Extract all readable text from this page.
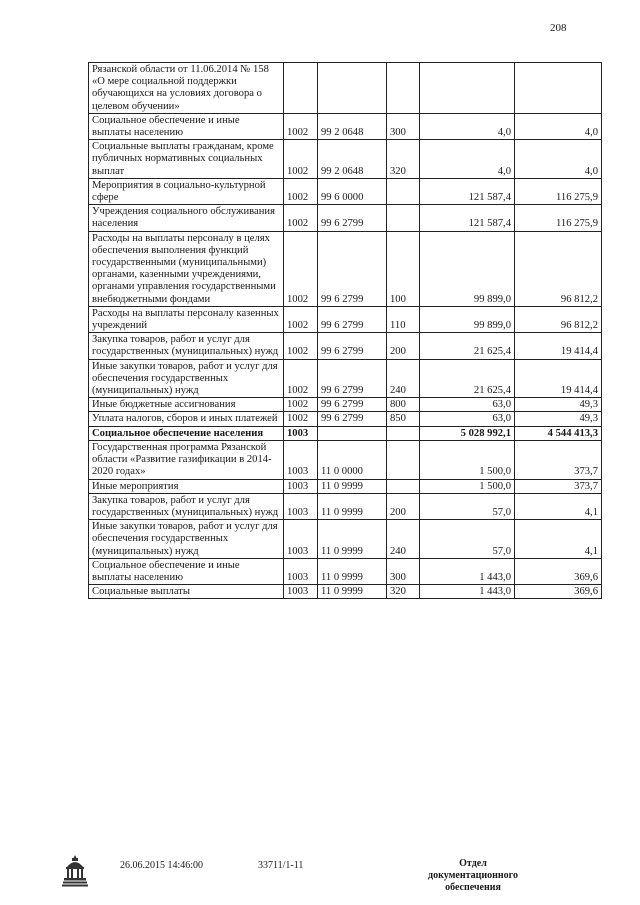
208
Рязанской области от 11.06.2014 № 158 «О мере социальной поддержки обучающихся на условиях договора о целевом обучении»					
Социальное обеспечение и иные выплаты населению	1002	99 2 0648	300	4,0	4,0
Социальные выплаты гражданам, кроме публичных нормативных социальных выплат	1002	99 2 0648	320	4,0	4,0
Мероприятия в социально-культурной сфере	1002	99 6 0000		121 587,4	116 275,9
Учреждения социального обслуживания населения	1002	99 6 2799		121 587,4	116 275,9
Расходы на выплаты персоналу в целях обеспечения выполнения функций государственными (муниципальными) органами, казенными учреждениями, органами управления государственными внебюджетными фондами	1002	99 6 2799	100	99 899,0	96 812,2
Расходы на выплаты персоналу казенных учреждений	1002	99 6 2799	110	99 899,0	96 812,2
Закупка товаров, работ и услуг для государственных (муниципальных) нужд	1002	99 6 2799	200	21 625,4	19 414,4
Иные закупки товаров, работ и услуг для обеспечения государственных (муниципальных) нужд	1002	99 6 2799	240	21 625,4	19 414,4
Иные бюджетные ассигнования	1002	99 6 2799	800	63,0	49,3
Уплата налогов, сборов и иных платежей	1002	99 6 2799	850	63,0	49,3
Социальное обеспечение населения	1003			5 028 992,1	4 544 413,3
Государственная программа Рязанской области «Развитие газификации в 2014-2020 годах»	1003	11 0 0000		1 500,0	373,7
Иные мероприятия	1003	11 0 9999		1 500,0	373,7
Закупка товаров, работ и услуг для государственных (муниципальных) нужд	1003	11 0 9999	200	57,0	4,1
Иные закупки товаров, работ и услуг для обеспечения государственных (муниципальных) нужд	1003	11 0 9999	240	57,0	4,1
Социальное обеспечение и иные выплаты населению	1003	11 0 9999	300	1 443,0	369,6
Социальные выплаты	1003	11 0 9999	320	1 443,0	369,6
26.06.2015 14:46:00	33711/1-11	Отдел документационного обеспечения
